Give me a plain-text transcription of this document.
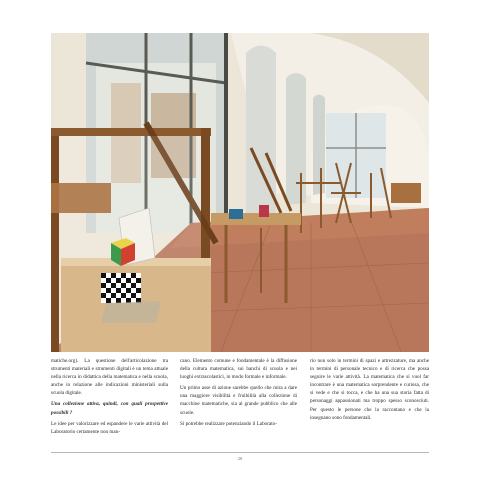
matiche.org). La questione dell'articolazione tra strumenti materiali e strumenti digitali è un tema attuale nella ricerca in didattica della matematica e nella scuola, anche in relazione alle indicazioni ministeriali sulla scuola digitale.

Una collezione attiva, quindi, con quali prospettive possibili ?

Le idee per valorizzare ed espandere le varie attività del Laboratorio certamente non man-

cano. Elemento comune e fondamentale è la diffusione della cultura matematica, sui banchi di scuola e nei luoghi extrascolastici, in modo formale e informale.

Un primo asse di azione sarebbe quello che mira a dare una maggiore visibilità e fruibilità alla collezione di macchine matematiche, sia al grande pubblico che alle scuole.

Si potrebbe realizzare potenziando il Laborato-

rio non solo in termini di spazi e attrezzature, ma anche in termini di personale tecnico e di ricerca che possa seguire le varie attività. La matematica che si vuol far incontrare è una matematica sorprendente e curiosa, che si vede e che si tocca, e che ha una sua storia fatta di personaggi appassionati ma troppo spesso sconosciuti. Per questo le persone che la raccontano e che la insegnano sono fondamentali.

28
